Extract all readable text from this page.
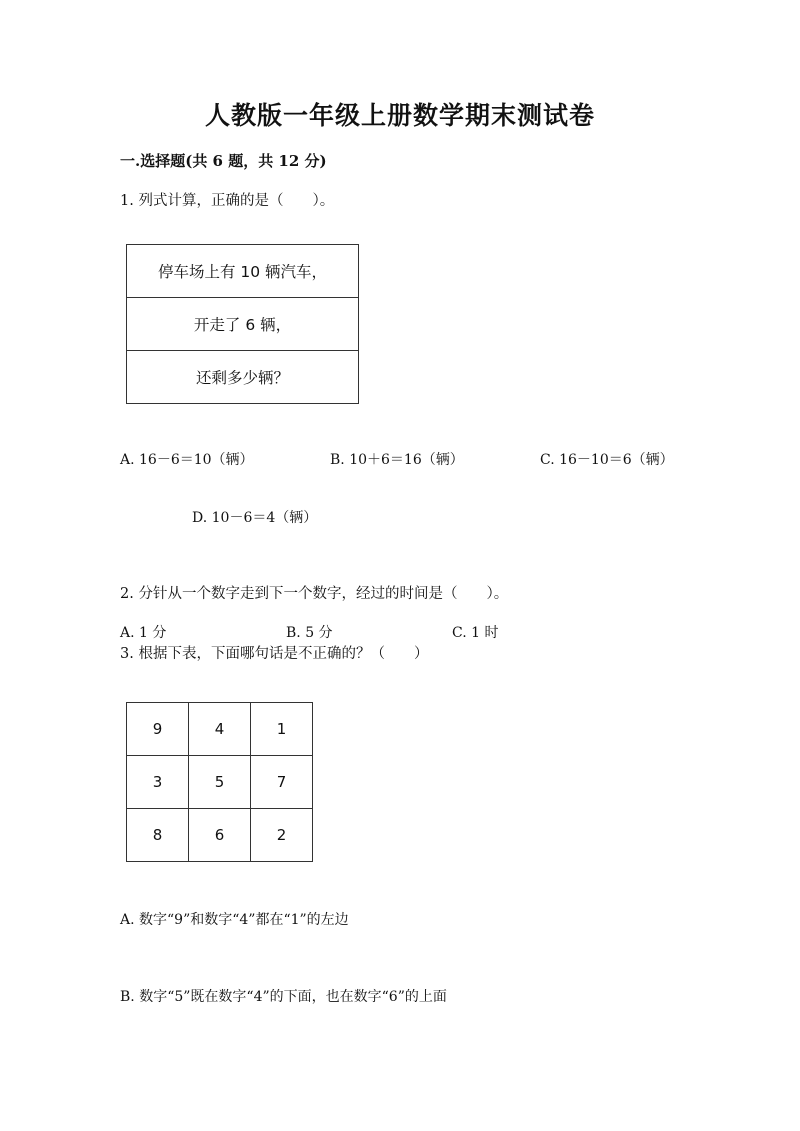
人教版一年级上册数学期末测试卷
一.选择题(共 6 题，共 12 分)
1. 列式计算，正确的是（　　）。
停车场上有 10 辆汽车，
开走了 6 辆，
还剩多少辆？
A. 16－6＝10（辆）	B. 10＋6＝16（辆）	C. 16－10＝6（辆）
D. 10－6＝4（辆）
2. 分针从一个数字走到下一个数字，经过的时间是（　　）。
A. 1 分	B. 5 分	C. 1 时
3. 根据下表，下面哪句话是不正确的？（　　）
9	4	1
3	5	7
8	6	2
A. 数字“9”和数字“4”都在“1”的左边
B. 数字“5”既在数字“4”的下面，也在数字“6”的上面
